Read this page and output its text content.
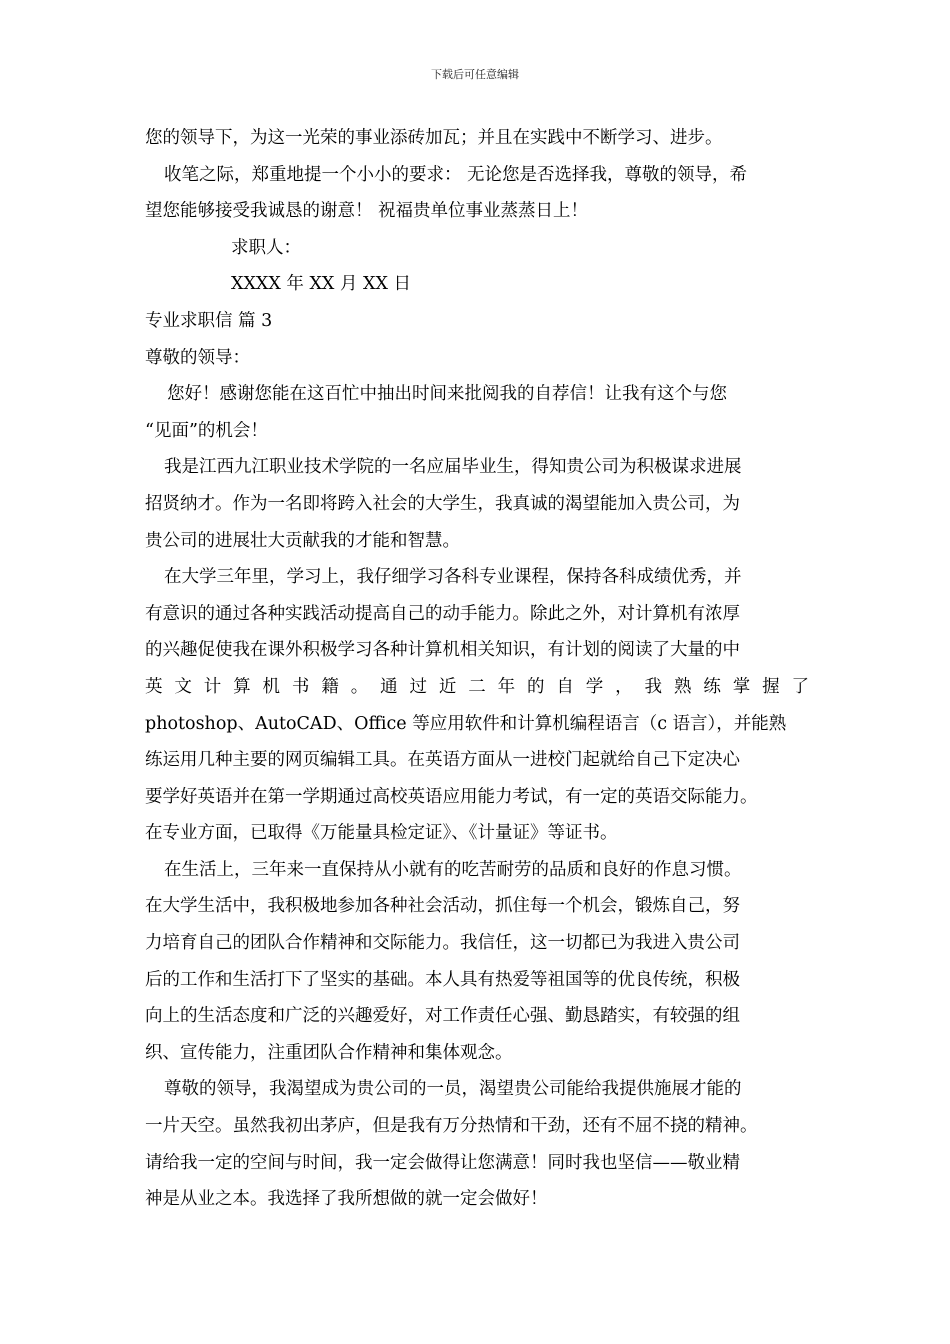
下载后可任意编辑
您的领导下，为这一光荣的事业添砖加瓦；并且在实践中不断学习、进步。
收笔之际，郑重地提一个小小的要求： 无论您是否选择我，尊敬的领导，希
望您能够接受我诚恳的谢意！ 祝福贵单位事业蒸蒸日上！
求职人：
XXXX 年 XX 月 XX 日
专业求职信 篇 3
尊敬的领导：
您好！感谢您能在这百忙中抽出时间来批阅我的自荐信！让我有这个与您
“见面”的机会！
我是江西九江职业技术学院的一名应届毕业生，得知贵公司为积极谋求进展
招贤纳才。作为一名即将跨入社会的大学生，我真诚的渴望能加入贵公司，为
贵公司的进展壮大贡献我的才能和智慧。
在大学三年里，学习上，我仔细学习各科专业课程，保持各科成绩优秀，并
有意识的通过各种实践活动提高自己的动手能力。除此之外，对计算机有浓厚
的兴趣促使我在课外积极学习各种计算机相关知识，有计划的阅读了大量的中
英 文 计 算 机 书 籍 。 通 过 近 二 年 的 自 学 ， 我 熟 练 掌 握 了
photoshop、AutoCAD、Office 等应用软件和计算机编程语言（c 语言），并能熟
练运用几种主要的网页编辑工具。在英语方面从一进校门起就给自己下定决心
要学好英语并在第一学期通过高校英语应用能力考试，有一定的英语交际能力。
在专业方面，已取得《万能量具检定证》、《计量证》等证书。
在生活上，三年来一直保持从小就有的吃苦耐劳的品质和良好的作息习惯。
在大学生活中，我积极地参加各种社会活动，抓住每一个机会，锻炼自己，努
力培育自己的团队合作精神和交际能力。我信任，这一切都已为我进入贵公司
后的工作和生活打下了坚实的基础。本人具有热爱等祖国等的优良传统，积极
向上的生活态度和广泛的兴趣爱好，对工作责任心强、勤恳踏实，有较强的组
织、宣传能力，注重团队合作精神和集体观念。
尊敬的领导，我渴望成为贵公司的一员，渴望贵公司能给我提供施展才能的
一片天空。虽然我初出茅庐，但是我有万分热情和干劲，还有不屈不挠的精神。
请给我一定的空间与时间，我一定会做得让您满意！同时我也坚信——敬业精
神是从业之本。我选择了我所想做的就一定会做好！
